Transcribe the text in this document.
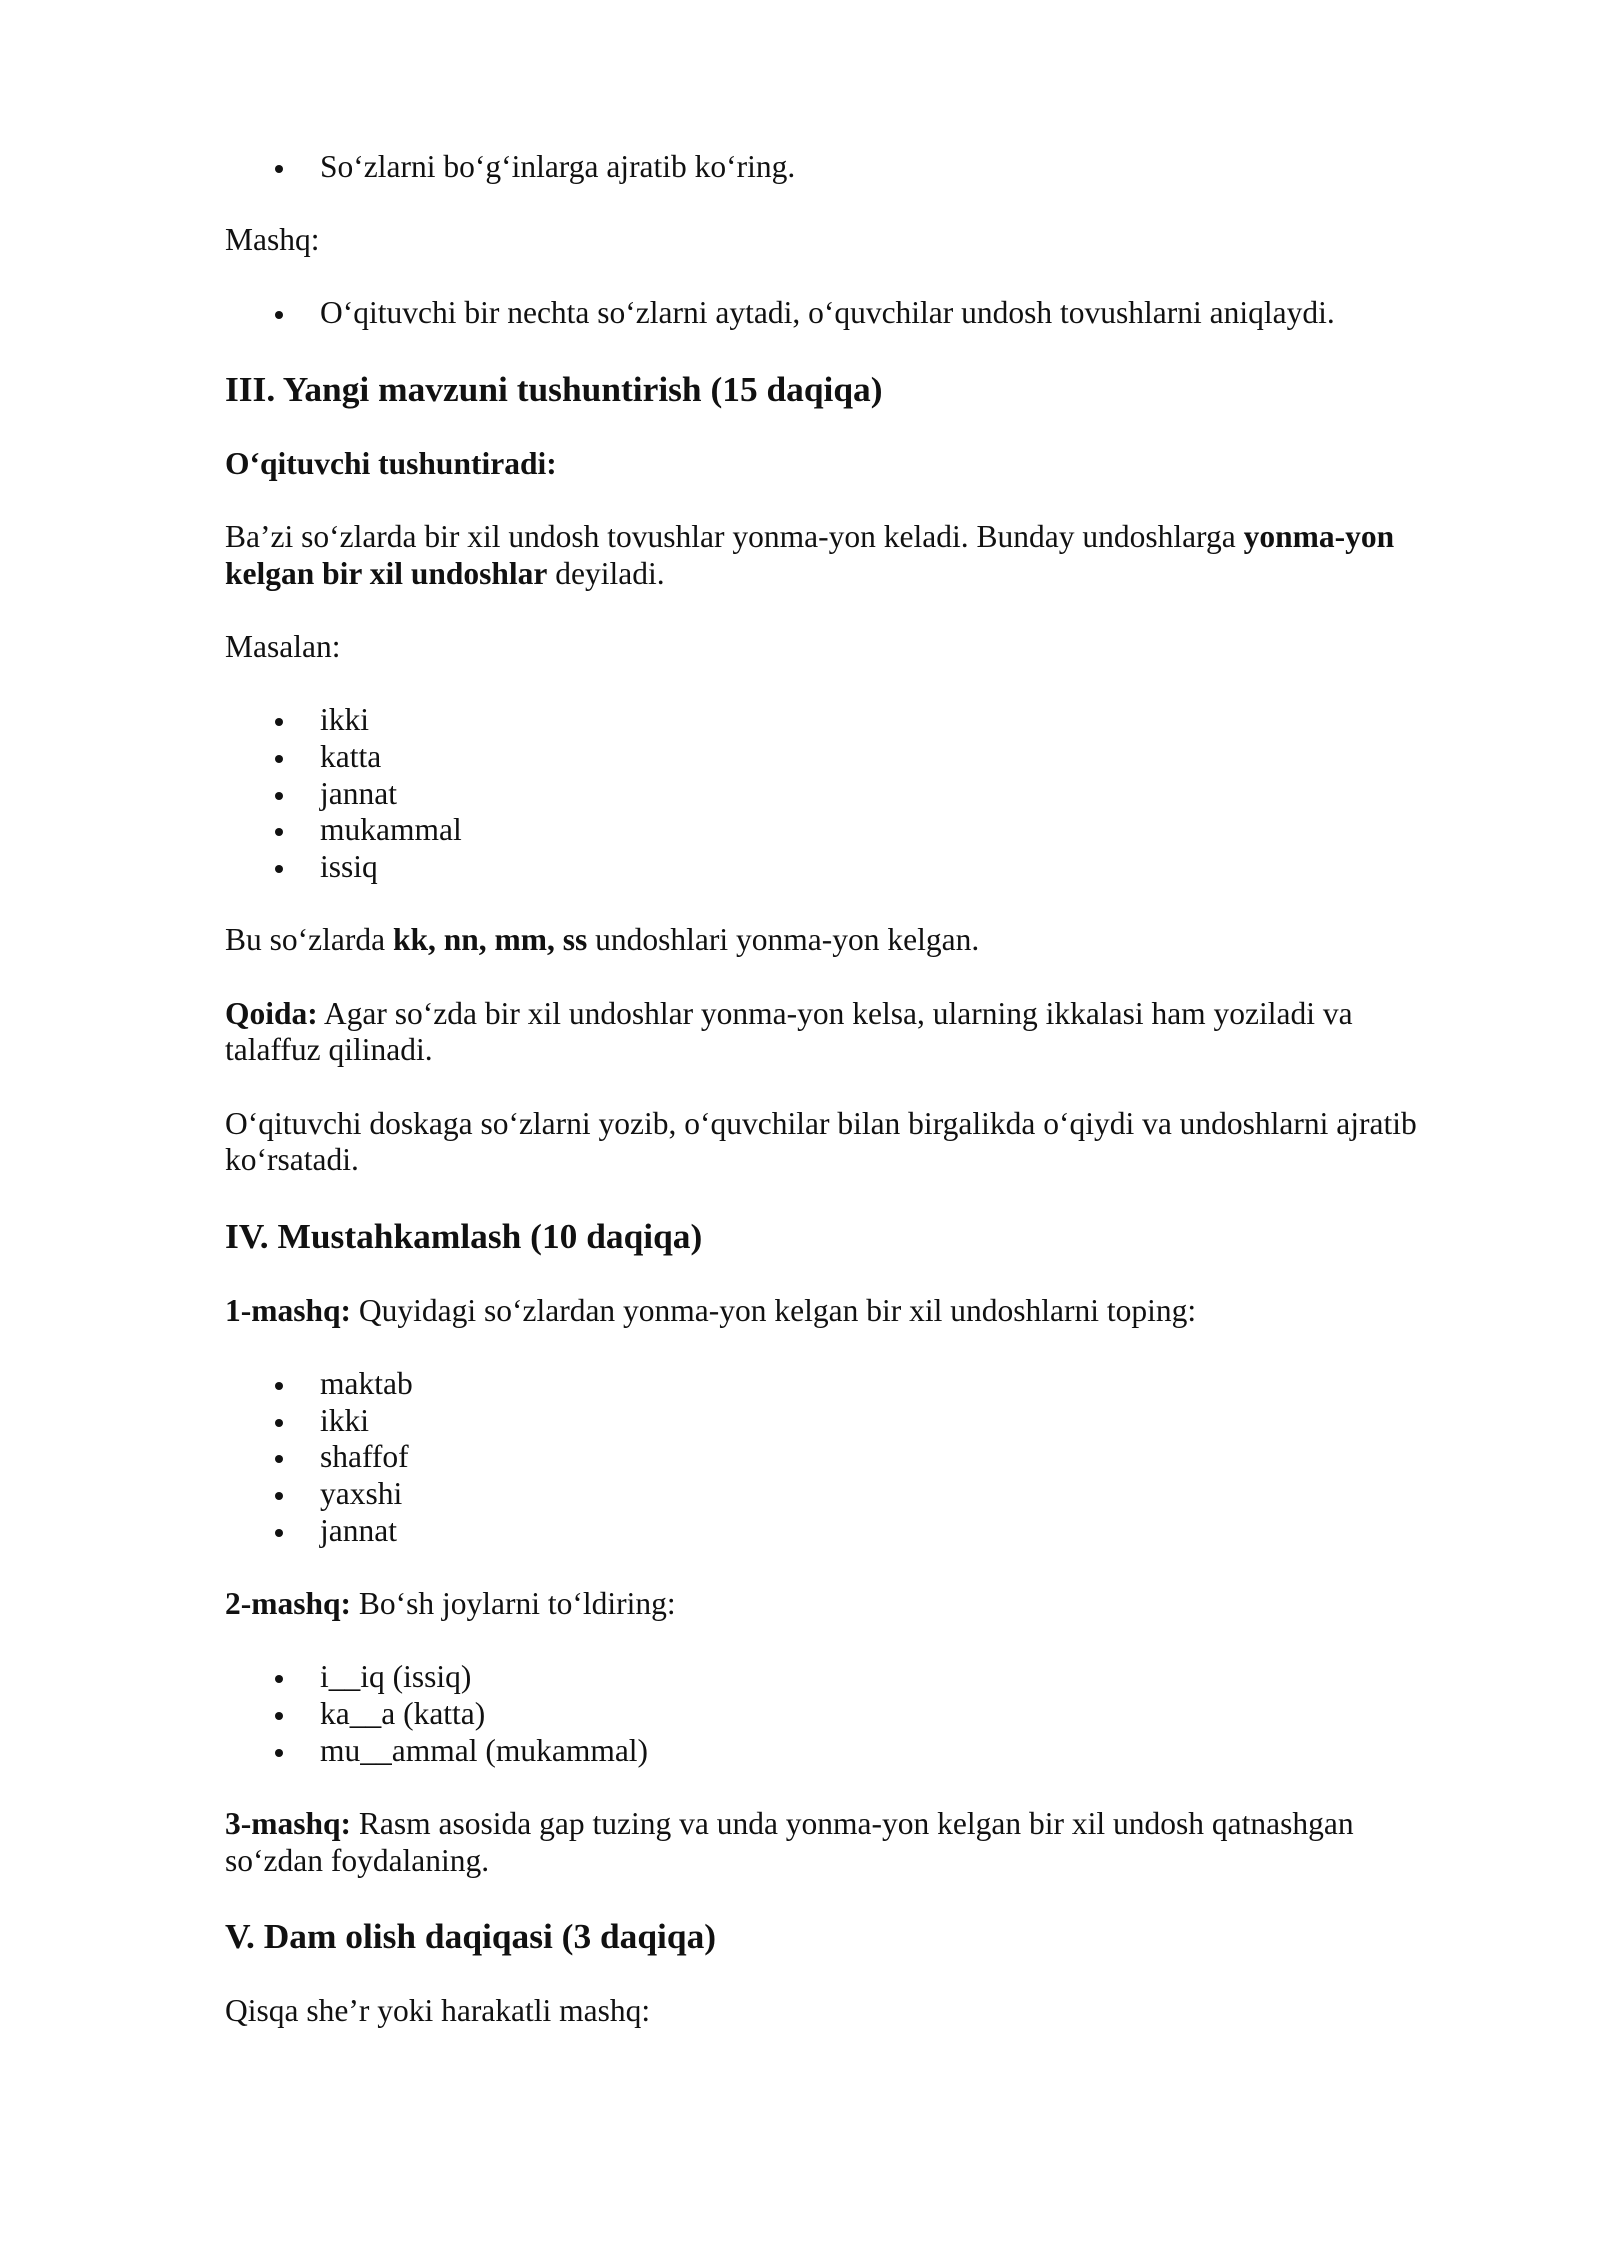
So‘zlarni bo‘g‘inlarga ajratib ko‘ring.

Mashq:

O‘qituvchi bir nechta so‘zlarni aytadi, o‘quvchilar undosh tovushlarni aniqlaydi.
III. Yangi mavzuni tushuntirish (15 daqiqa)

O‘qituvchi tushuntiradi:

Ba’zi so‘zlarda bir xil undosh tovushlar yonma-yon keladi. Bunday undoshlarga yonma-yon kelgan bir xil undoshlar deyiladi.

Masalan:

ikki
katta
jannat
mukammal
issiq

Bu so‘zlarda kk, nn, mm, ss undoshlari yonma-yon kelgan.

Qoida: Agar so‘zda bir xil undoshlar yonma-yon kelsa, ularning ikkalasi ham yoziladi va talaffuz qilinadi.

O‘qituvchi doskaga so‘zlarni yozib, o‘quvchilar bilan birgalikda o‘qiydi va undoshlarni ajratib ko‘rsatadi.

IV. Mustahkamlash (10 daqiqa)

1-mashq: Quyidagi so‘zlardan yonma-yon kelgan bir xil undoshlarni toping:

maktab
ikki
shaffof
yaxshi
jannat

2-mashq: Bo‘sh joylarni to‘ldiring:

i__iq (issiq)
ka__a (katta)
mu__ammal (mukammal)

3-mashq: Rasm asosida gap tuzing va unda yonma-yon kelgan bir xil undosh qatnashgan so‘zdan foydalaning.

V. Dam olish daqiqasi (3 daqiqa)

Qisqa she’r yoki harakatli mashq:
